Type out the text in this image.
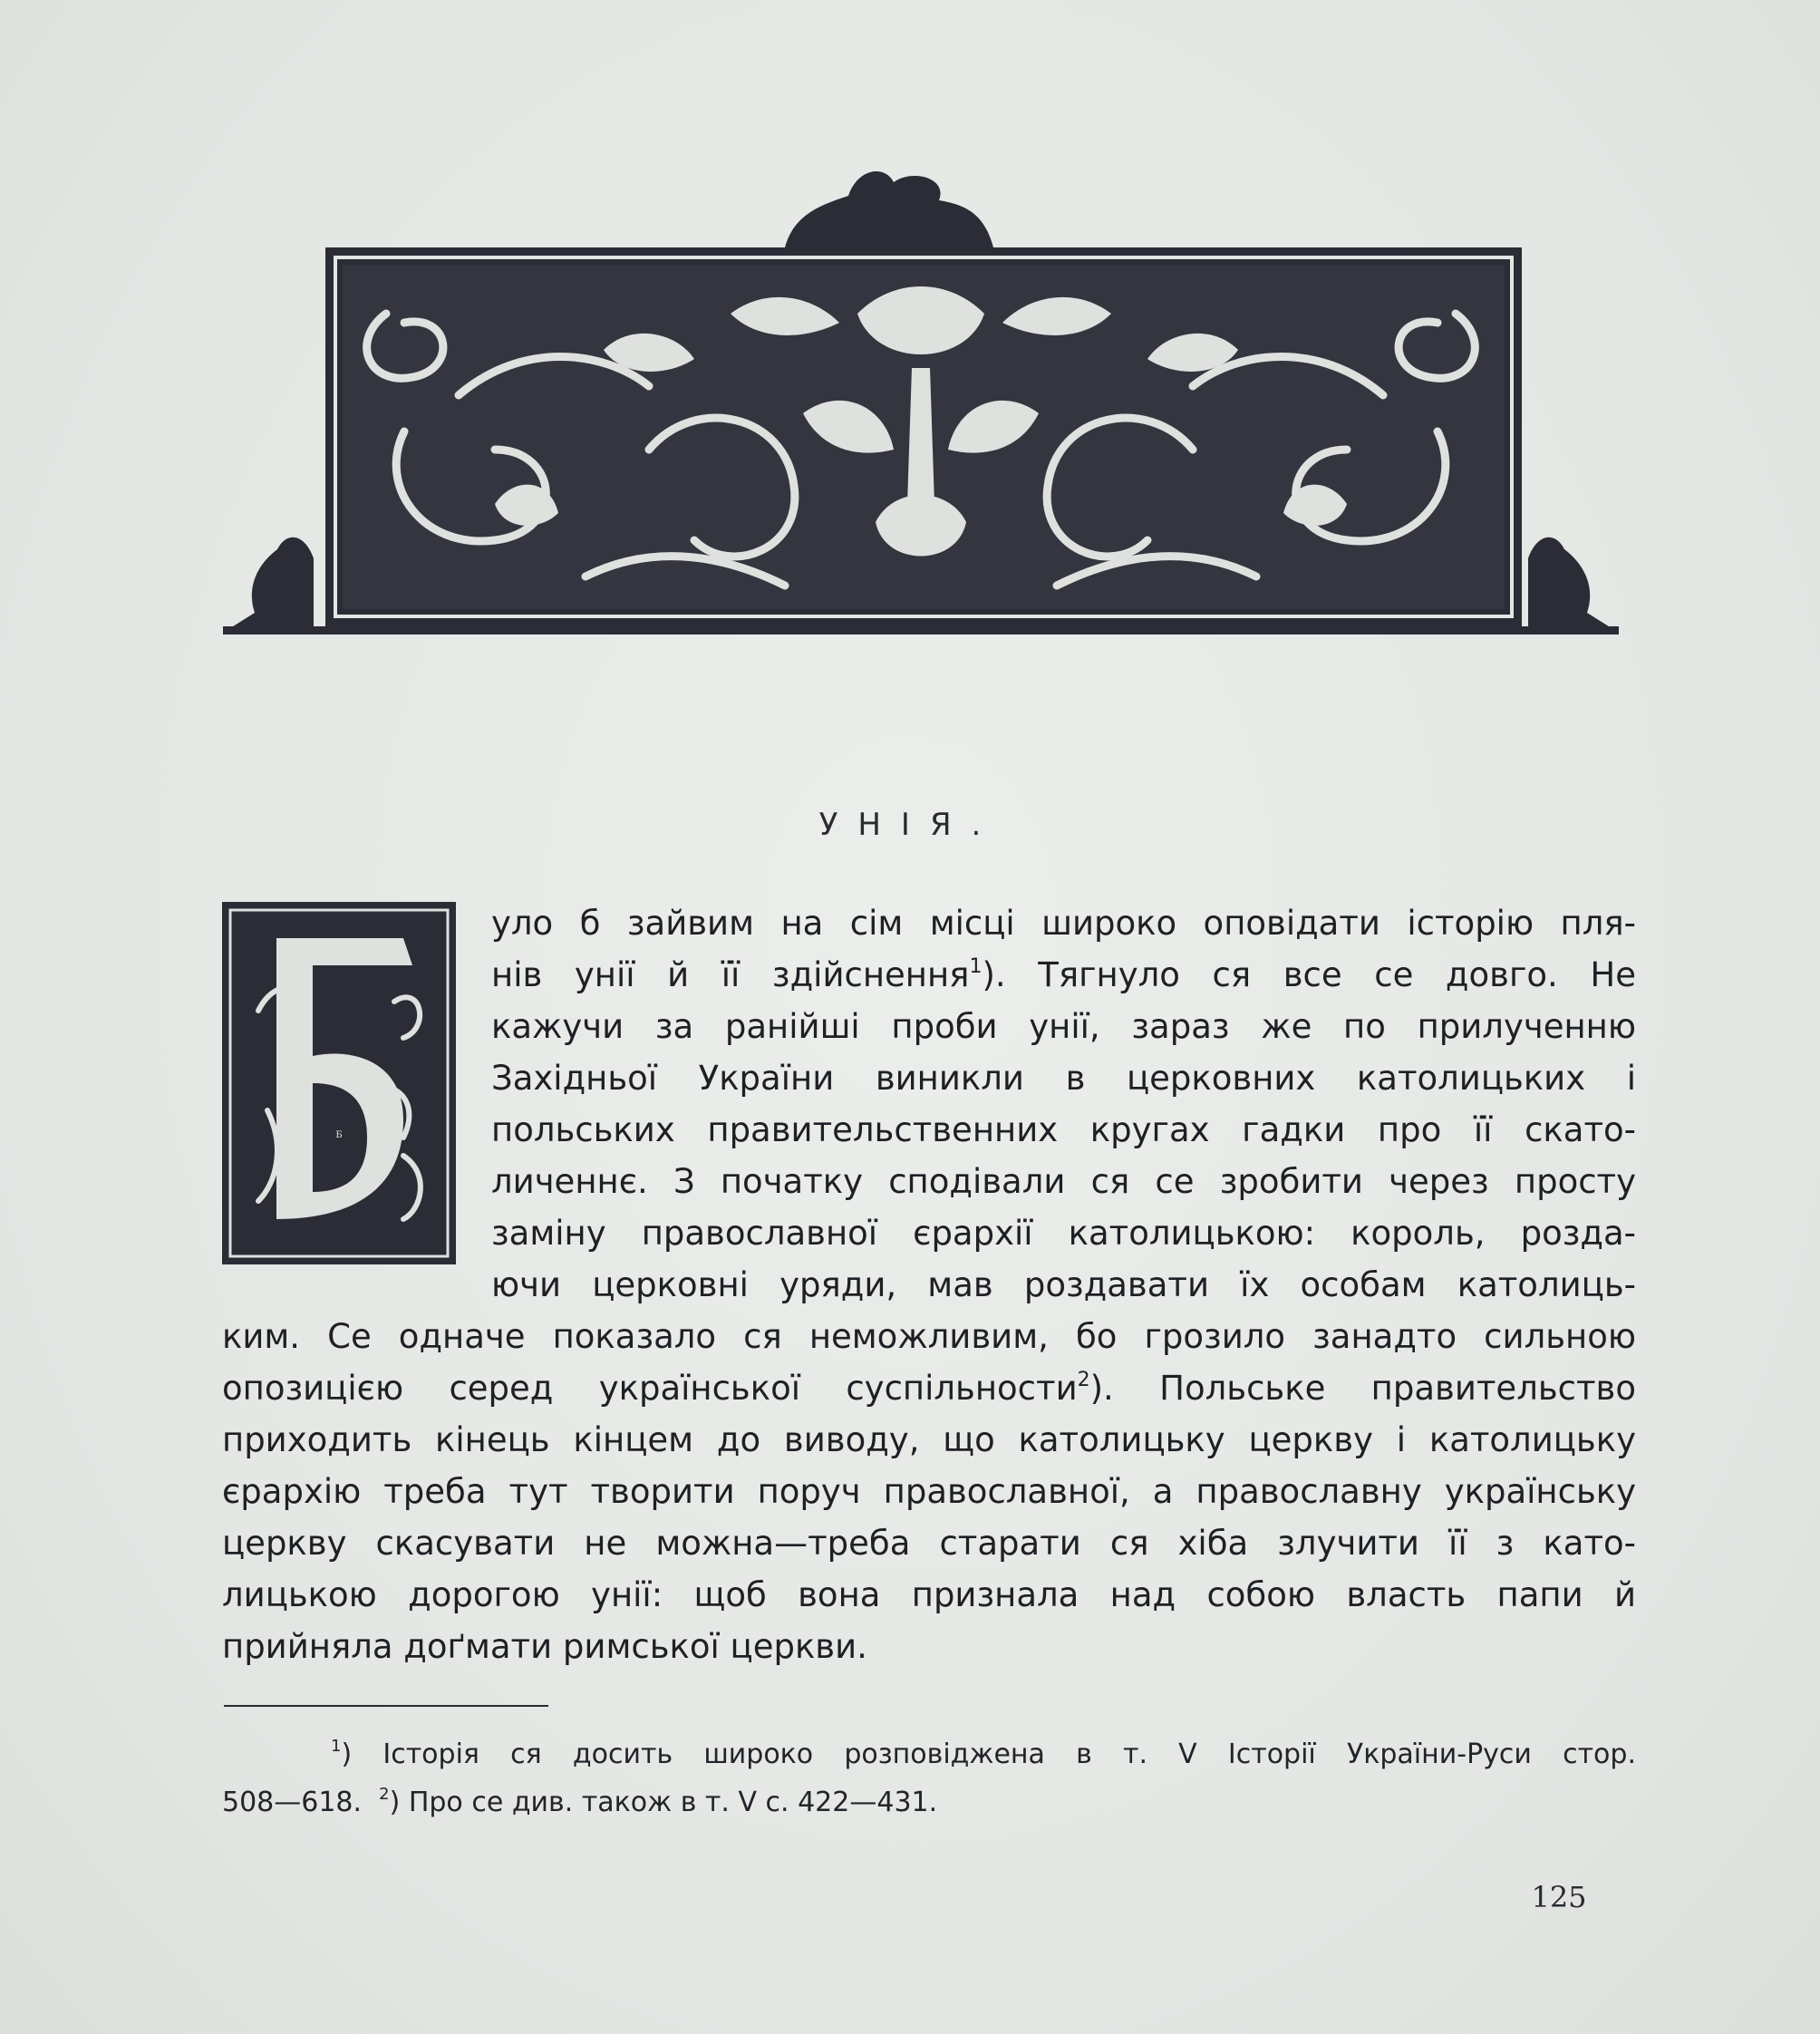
УНІЯ.
Б
уло б зайвим на сім місці широко оповідати історію пля-
нів унії й її здійснення$^1$). Тягнуло ся все се довго. Не
кажучи за ранійші проби унії, зараз же по прилученню
Західньої України виникли в церковних католицьких і
польських правительственних кругах гадки про її скато-
личеннє. З початку сподівали ся се зробити через просту
заміну православної єрархії католицькою: король, розда-
ючи церковні уряди, мав роздавати їх особам католиць-
ким. Се одначе показало ся неможливим, бо грозило занадто сильною
опозицією серед української суспільности$^2$). Польське правительство
приходить кінець кінцем до виводу, що католицьку церкву і католицьку
єрархію треба тут творити поруч православної, а православну українську
церкву скасувати не можна—треба старати ся хіба злучити її з като-
лицькою дорогою унії: щоб вона признала над собою власть папи й
прийняла доґмати римської церкви.
$^1$) Історія ся досить широко розповіджена в т. V Історії України-Руси стор.
508—618. $^2$) Про се див. також в т. V с. 422—431.
125
